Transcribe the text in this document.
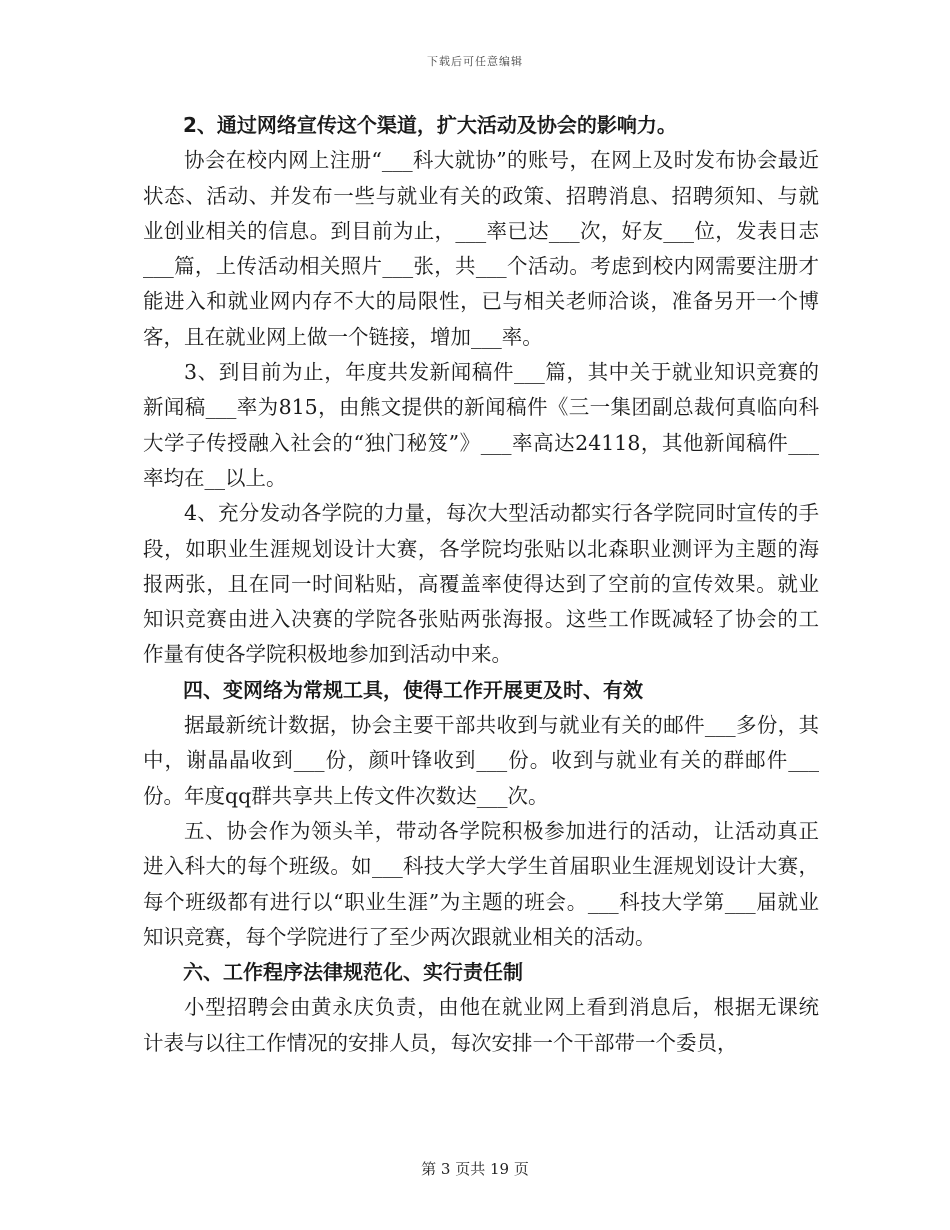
下载后可任意编辑

2、通过网络宣传这个渠道，扩大活动及协会的影响力。

协会在校内网上注册“___科大就协”的账号，在网上及时发布协会最近状态、活动、并发布一些与就业有关的政策、招聘消息、招聘须知、与就业创业相关的信息。到目前为止，___率已达___次，好友___位，发表日志___篇，上传活动相关照片___张，共___个活动。考虑到校内网需要注册才能进入和就业网内存不大的局限性，已与相关老师洽谈，准备另开一个博客，且在就业网上做一个链接，增加___率。

3、到目前为止，年度共发新闻稿件___篇，其中关于就业知识竞赛的新闻稿___率为815，由熊文提供的新闻稿件《三一集团副总裁何真临向科大学子传授融入社会的“独门秘笈”》___率高达24118，其他新闻稿件___率均在__以上。

4、充分发动各学院的力量，每次大型活动都实行各学院同时宣传的手段，如职业生涯规划设计大赛，各学院均张贴以北森职业测评为主题的海报两张，且在同一时间粘贴，高覆盖率使得达到了空前的宣传效果。就业知识竞赛由进入决赛的学院各张贴两张海报。这些工作既减轻了协会的工作量有使各学院积极地参加到活动中来。

四、变网络为常规工具，使得工作开展更及时、有效

据最新统计数据，协会主要干部共收到与就业有关的邮件___多份，其中，谢晶晶收到___份，颜叶锋收到___份。收到与就业有关的群邮件___份。年度qq群共享共上传文件次数达___次。

五、协会作为领头羊，带动各学院积极参加进行的活动，让活动真正进入科大的每个班级。如___科技大学大学生首届职业生涯规划设计大赛，每个班级都有进行以“职业生涯”为主题的班会。___科技大学第___届就业知识竞赛，每个学院进行了至少两次跟就业相关的活动。

六、工作程序法律规范化、实行责任制

小型招聘会由黄永庆负责，由他在就业网上看到消息后，根据无课统计表与以往工作情况的安排人员，每次安排一个干部带一个委员，

第 3 页共 19 页
